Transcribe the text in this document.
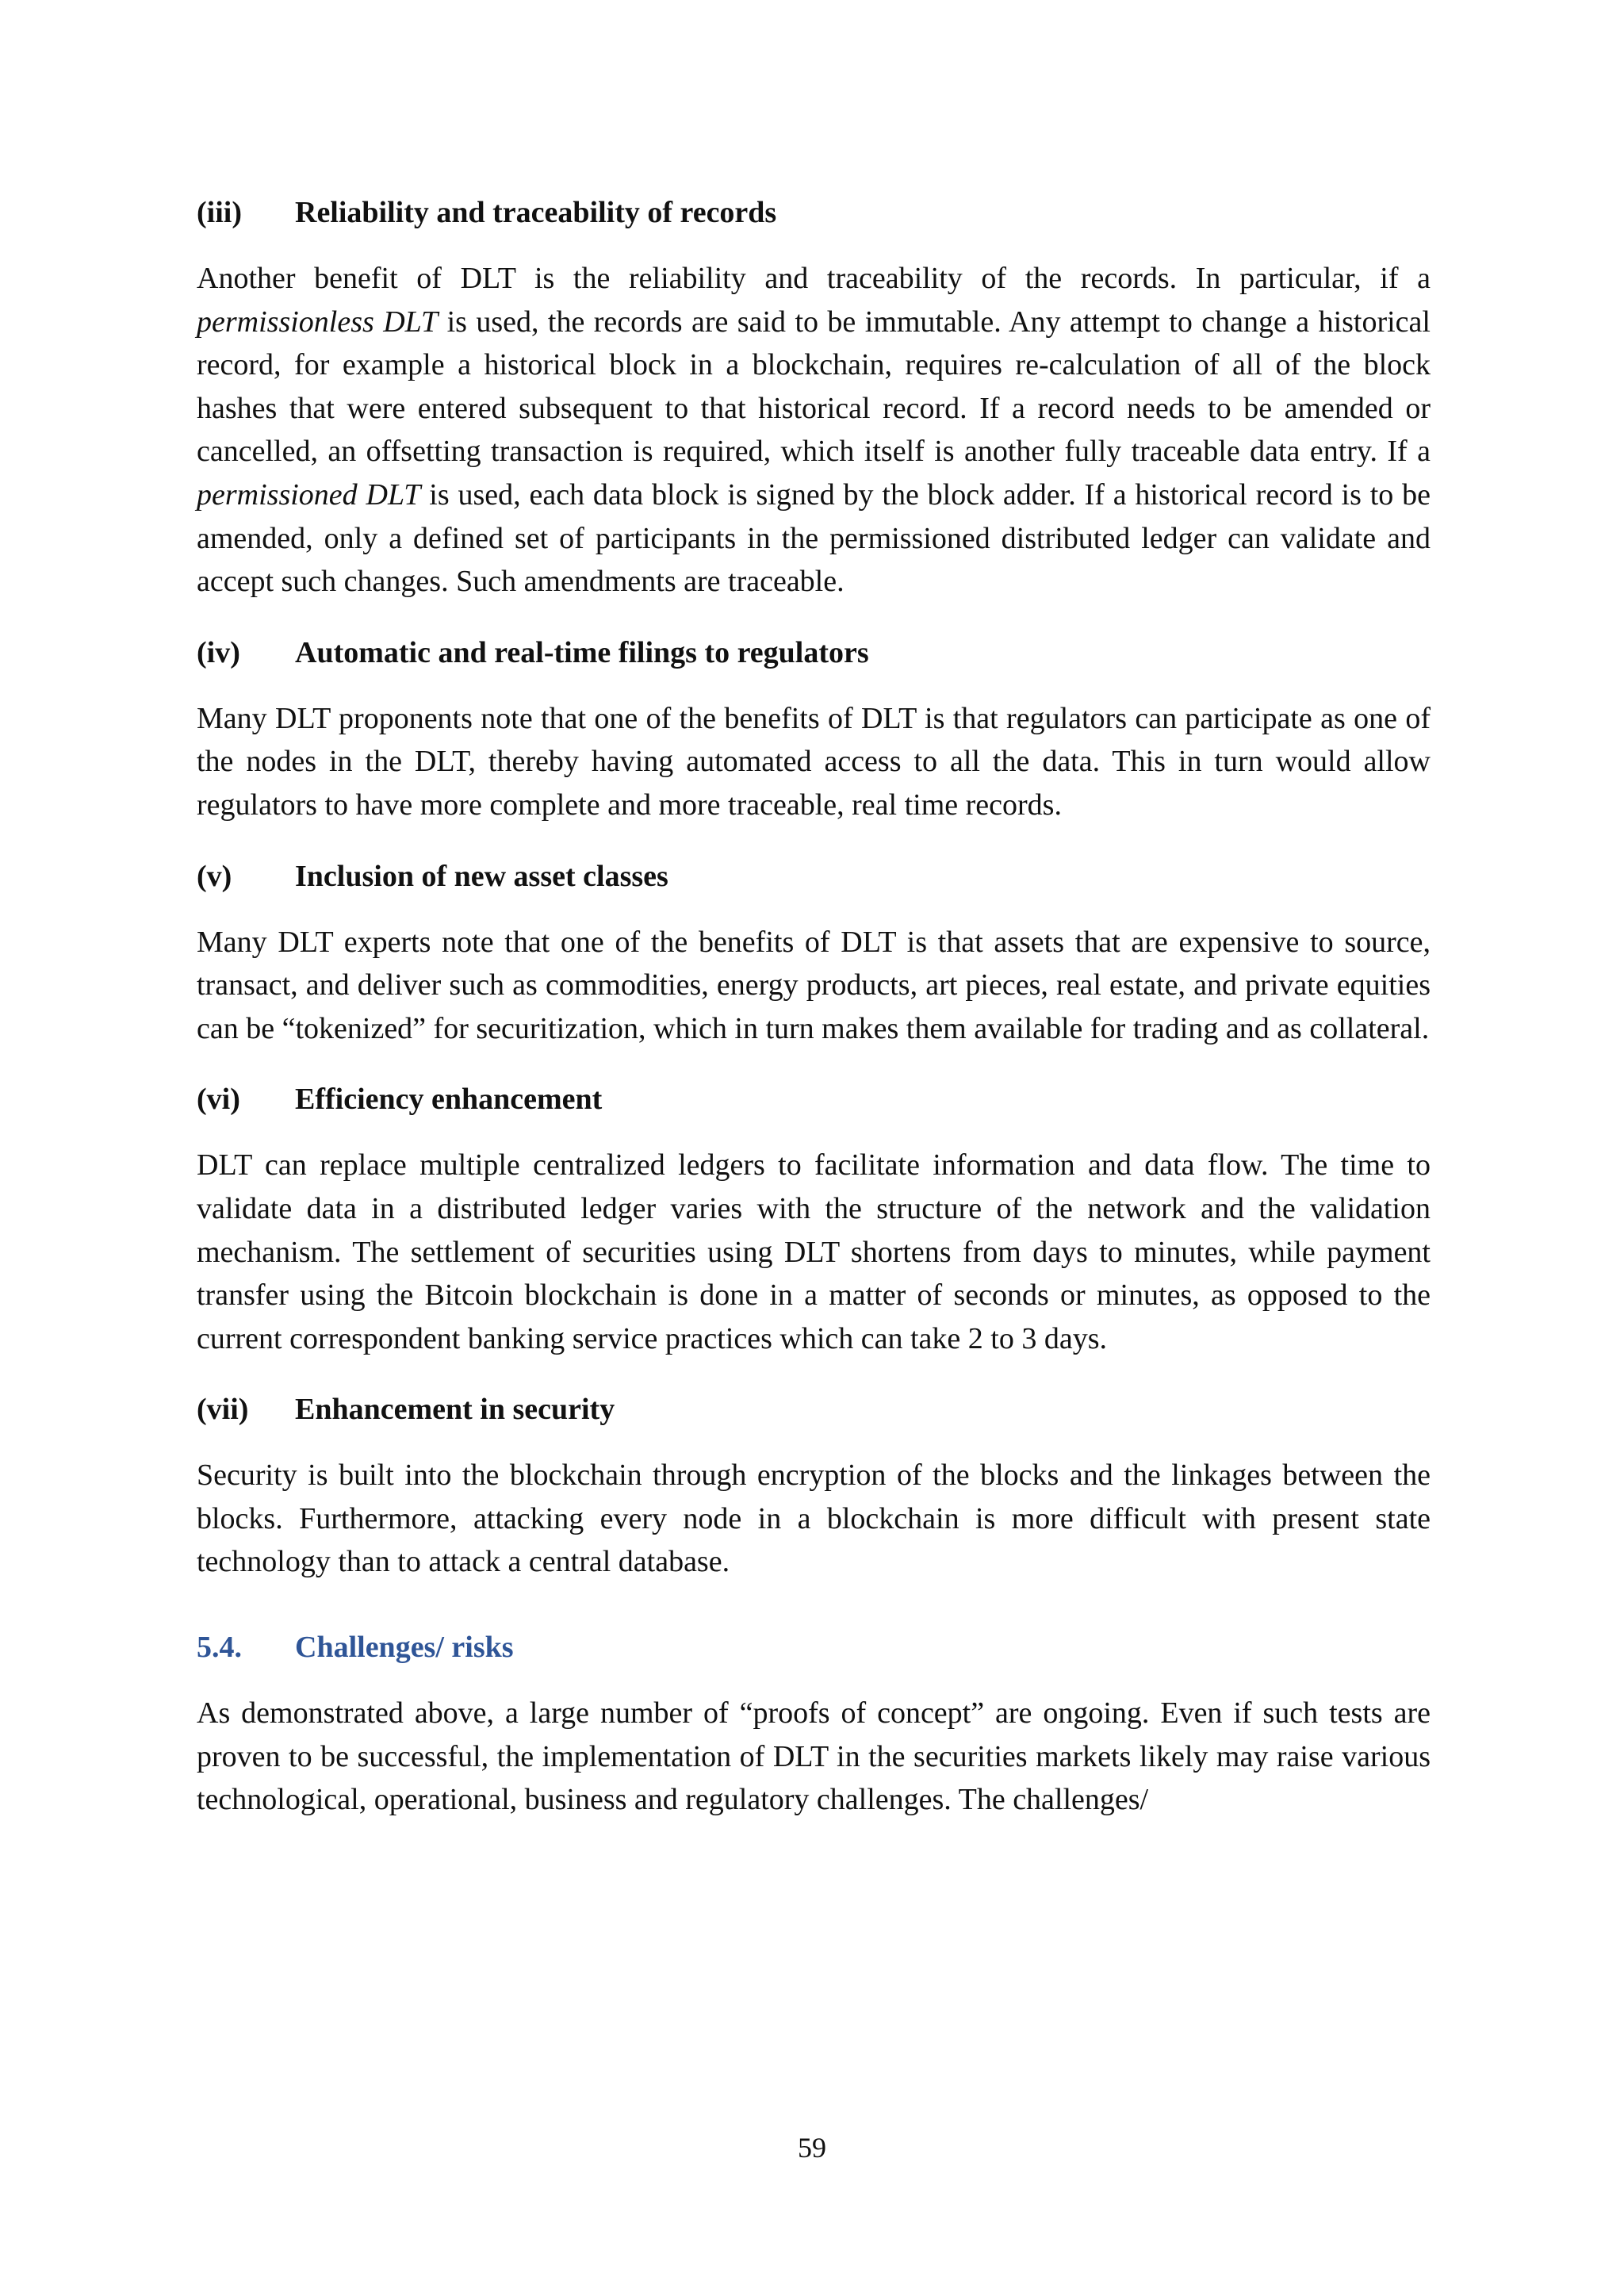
(iii)	Reliability and traceability of records

Another benefit of DLT is the reliability and traceability of the records. In particular, if a permissionless DLT is used, the records are said to be immutable. Any attempt to change a historical record, for example a historical block in a blockchain, requires re-calculation of all of the block hashes that were entered subsequent to that historical record. If a record needs to be amended or cancelled, an offsetting transaction is required, which itself is another fully traceable data entry. If a permissioned DLT is used, each data block is signed by the block adder. If a historical record is to be amended, only a defined set of participants in the permissioned distributed ledger can validate and accept such changes. Such amendments are traceable.

(iv)	Automatic and real-time filings to regulators

Many DLT proponents note that one of the benefits of DLT is that regulators can participate as one of the nodes in the DLT, thereby having automated access to all the data. This in turn would allow regulators to have more complete and more traceable, real time records.

(v)	Inclusion of new asset classes

Many DLT experts note that one of the benefits of DLT is that assets that are expensive to source, transact, and deliver such as commodities, energy products, art pieces, real estate, and private equities can be “tokenized” for securitization, which in turn makes them available for trading and as collateral.

(vi)	Efficiency enhancement

DLT can replace multiple centralized ledgers to facilitate information and data flow. The time to validate data in a distributed ledger varies with the structure of the network and the validation mechanism. The settlement of securities using DLT shortens from days to minutes, while payment transfer using the Bitcoin blockchain is done in a matter of seconds or minutes, as opposed to the current correspondent banking service practices which can take 2 to 3 days.

(vii)	Enhancement in security

Security is built into the blockchain through encryption of the blocks and the linkages between the blocks. Furthermore, attacking every node in a blockchain is more difficult with present state technology than to attack a central database.

5.4.	Challenges/ risks

As demonstrated above, a large number of “proofs of concept” are ongoing. Even if such tests are proven to be successful, the implementation of DLT in the securities markets likely may raise various technological, operational, business and regulatory challenges. The challenges/

59
